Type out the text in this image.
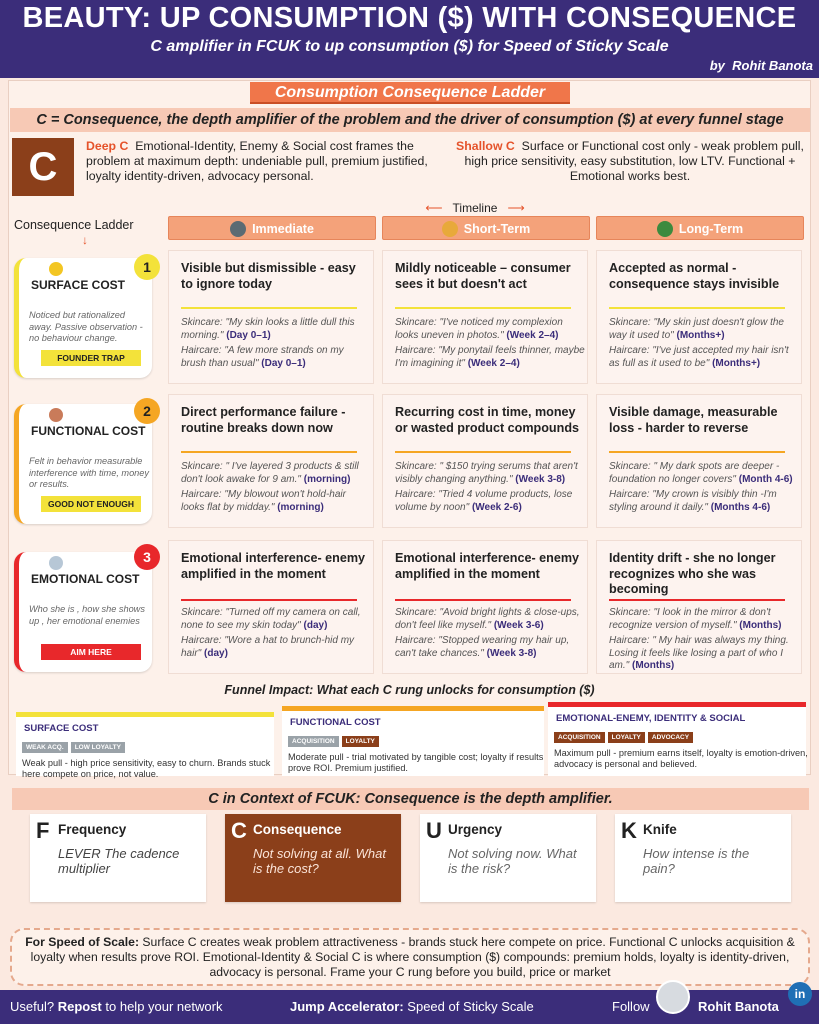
BEAUTY: UP CONSUMPTION ($) WITH CONSEQUENCE
C amplifier in FCUK to up consumption ($) for Speed of Sticky Scale
by Rohit Banota
Consumption Consequence Ladder
C = Consequence, the depth amplifier of the problem and the driver of consumption ($) at every funnel stage
C	Deep C Emotional-Identity, Enemy & Social cost frames the problem at maximum depth: undeniable pull, premium justified, loyalty identity-driven, advocacy personal.
Shallow C Surface or Functional cost only - weak problem pull, high price sensitivity, easy substitution, low LTV. Functional + Emotional works best.
⟵   Timeline   ⟶
Consequence Ladder
↓
Immediate	Short-Term	Long-Term
SURFACE COST
Noticed but rationalized away. Passive observation - no behaviour change.
FOUNDER TRAP
1	Visible but dismissible - easy to ignore today
Skincare: "My skin looks a little dull this morning." (Day 0–1)
Haircare: "A few more strands on my brush than usual" (Day 0–1)
Mildly noticeable – consumer sees it but doesn't act
Skincare: "I've noticed my complexion looks uneven in photos." (Week 2–4)
Haircare: "My ponytail feels thinner, maybe I'm imagining it" (Week 2–4)
Accepted as normal - consequence stays invisible
Skincare: "My skin just doesn't glow the way it used to" (Months+)
Haircare: "I've just accepted my hair isn't as full as it used to be" (Months+)
FUNCTIONAL COST
Felt in behavior measurable interference with time, money or results.
GOOD NOT ENOUGH
2	Direct performance failure - routine breaks down now
Skincare: " I've layered 3 products & still don't look awake for 9 am." (morning)
Haircare: "My blowout won't hold-hair looks flat by midday." (morning)
Recurring cost in time, money or wasted product compounds
Skincare: " $150 trying serums that aren't visibly changing anything." (Week 3-8)
Haircare: "Tried 4 volume products, lose volume by noon" (Week 2-6)
Visible damage, measurable loss - harder to reverse
Skincare: " My dark spots are deeper - foundation no longer covers" (Month 4-6)
Haircare: "My crown is visibly thin -I'm styling around it daily." (Months 4-6)
EMOTIONAL COST
Who she is , how she shows up , her emotional enemies
AIM HERE
3	Emotional interference- enemy amplified in the moment
Skincare: "Turned off my camera on call, none to see my skin today" (day)
Haircare: "Wore a hat to brunch-hid my hair" (day)
Emotional interference- enemy amplified in the moment
Skincare: "Avoid bright lights & close-ups, don't feel like myself." (Week 3-6)
Haircare: "Stopped wearing my hair up, can't take chances." (Week 3-8)
Identity drift - she no longer recognizes who she was becoming
Skincare: "I look in the mirror & don't recognize version of myself." (Months)
Haircare: " My hair was always my thing. Losing it feels like losing a part of who I am." (Months)
Funnel Impact: What each C rung unlocks for consumption ($)
SURFACE COST
WEAK ACQ. LOW LOYALTY
Weak pull - high price sensitivity, easy to churn. Brands stuck here compete on price, not value.
FUNCTIONAL COST
ACQUISITION LOYALTY
Moderate pull - trial motivated by tangible cost; loyalty if results prove ROI. Premium justified.
EMOTIONAL-ENEMY, IDENTITY & SOCIAL
ACQUISITION LOYALTY ADVOCACY
Maximum pull - premium earns itself, loyalty is emotion-driven, advocacy is personal and believed.
C in Context of FCUK: Consequence is the depth amplifier.
F Frequency
LEVER The cadence multiplier
C Consequence
Not solving at all. What is the cost?
U Urgency
Not solving now. What is the risk?
K Knife
How intense is the pain?
For Speed of Scale: Surface C creates weak problem attractiveness - brands stuck here compete on price. Functional C unlocks acquisition & loyalty when results prove ROI. Emotional-Identity & Social C is where consumption ($) compounds: premium holds, loyalty is identity-driven, advocacy is personal. Frame your C rung before you build, price or market
Useful? Repost to help your network	Jump Accelerator: Speed of Sticky Scale	Follow	Rohit Banota
in
